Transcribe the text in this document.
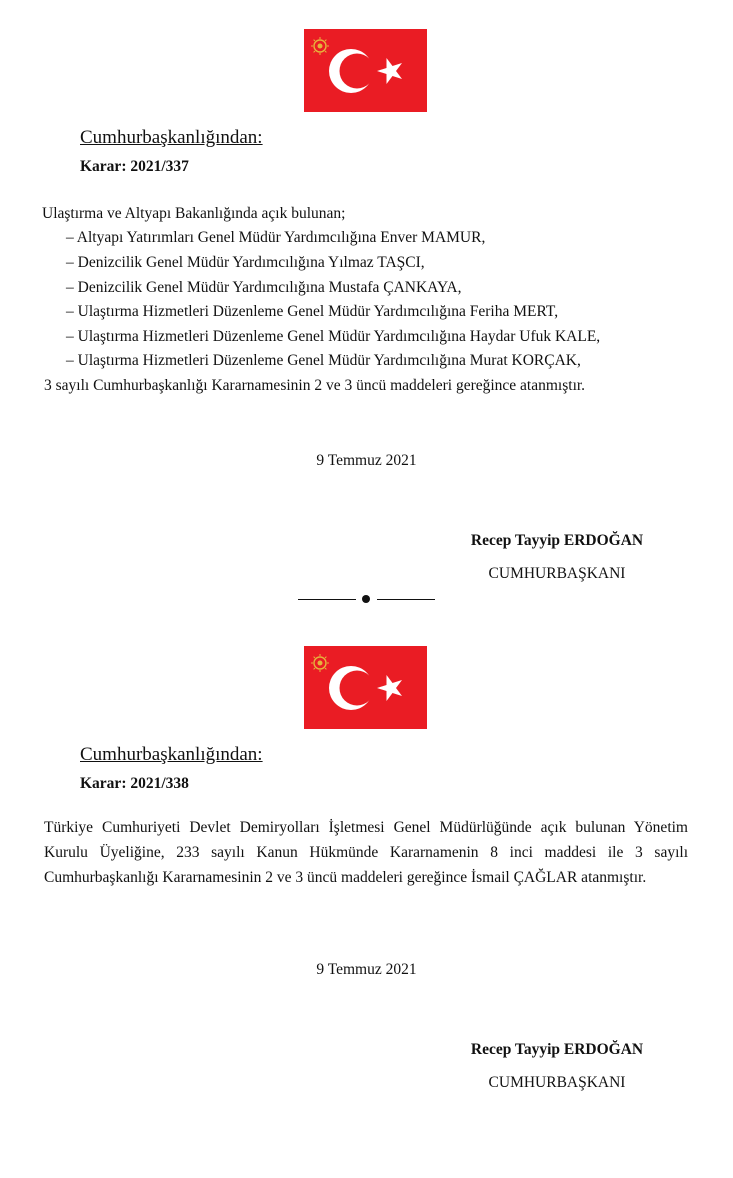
Cumhurbaşkanlığından:
Karar: 2021/337
Ulaştırma ve Altyapı Bakanlığında açık bulunan;
– Altyapı Yatırımları Genel Müdür Yardımcılığına Enver MAMUR,
– Denizcilik Genel Müdür Yardımcılığına Yılmaz TAŞCI,
– Denizcilik Genel Müdür Yardımcılığına Mustafa ÇANKAYA,
– Ulaştırma Hizmetleri Düzenleme Genel Müdür Yardımcılığına Feriha MERT,
– Ulaştırma Hizmetleri Düzenleme Genel Müdür Yardımcılığına Haydar Ufuk KALE,
– Ulaştırma Hizmetleri Düzenleme Genel Müdür Yardımcılığına Murat KORÇAK,
3 sayılı Cumhurbaşkanlığı Kararnamesinin 2 ve 3 üncü maddeleri gereğince atanmıştır.
9 Temmuz 2021
Recep Tayyip ERDOĞAN
CUMHURBAŞKANI
Cumhurbaşkanlığından:
Karar: 2021/338
Türkiye Cumhuriyeti Devlet Demiryolları İşletmesi Genel Müdürlüğünde açık bulunan Yönetim Kurulu Üyeliğine, 233 sayılı Kanun Hükmünde Kararnamenin 8 inci maddesi ile 3 sayılı Cumhurbaşkanlığı Kararnamesinin 2 ve 3 üncü maddeleri gereğince İsmail ÇAĞLAR atanmıştır.
9 Temmuz 2021
Recep Tayyip ERDOĞAN
CUMHURBAŞKANI
